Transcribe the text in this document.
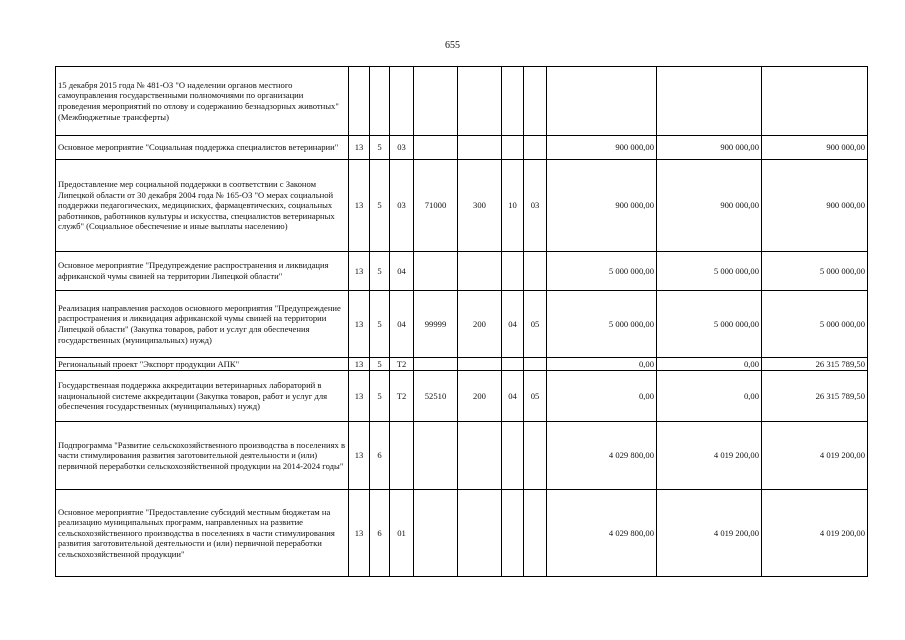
655
15 декабря 2015 года № 481-ОЗ "О наделении органов местного самоуправления государственными полномочиями по организации проведения мероприятий по отлову и содержанию безнадзорных животных" (Межбюджетные трансферты)										
Основное мероприятие "Социальная поддержка специалистов ветеринарии"	13	5	03					900 000,00	900 000,00	900 000,00
Предоставление мер социальной поддержки в соответствии с Законом Липецкой области от 30 декабря 2004 года № 165-ОЗ "О мерах социальной поддержки педагогических, медицинских, фармацевтических, социальных работников, работников культуры и искусства, специалистов ветеринарных служб" (Социальное обеспечение и иные выплаты населению)	13	5	03	71000	300	10	03	900 000,00	900 000,00	900 000,00
Основное мероприятие "Предупреждение распространения и ликвидация африканской чумы свиней на территории Липецкой области"	13	5	04					5 000 000,00	5 000 000,00	5 000 000,00
Реализация направления расходов основного мероприятия "Предупреждение распространения и ликвидация африканской чумы свиней на территории Липецкой области" (Закупка товаров, работ и услуг для обеспечения государственных (муниципальных) нужд)	13	5	04	99999	200	04	05	5 000 000,00	5 000 000,00	5 000 000,00
Региональный проект "Экспорт продукции АПК"	13	5	T2					0,00	0,00	26 315 789,50
Государственная поддержка аккредитации ветеринарных лабораторий в национальной системе аккредитации (Закупка товаров, работ и услуг для обеспечения государственных (муниципальных) нужд)	13	5	T2	52510	200	04	05	0,00	0,00	26 315 789,50
Подпрограмма "Развитие сельскохозяйственного производства в поселениях в части стимулирования развития заготовительной деятельности и (или) первичной переработки сельскохозяйственной продукции на 2014-2024 годы"	13	6						4 029 800,00	4 019 200,00	4 019 200,00
Основное мероприятие "Предоставление субсидий местным бюджетам на реализацию муниципальных программ, направленных на развитие сельскохозяйственного производства в поселениях в части стимулирования развития заготовительной деятельности и (или) первичной переработки сельскохозяйственной продукции"	13	6	01					4 029 800,00	4 019 200,00	4 019 200,00
